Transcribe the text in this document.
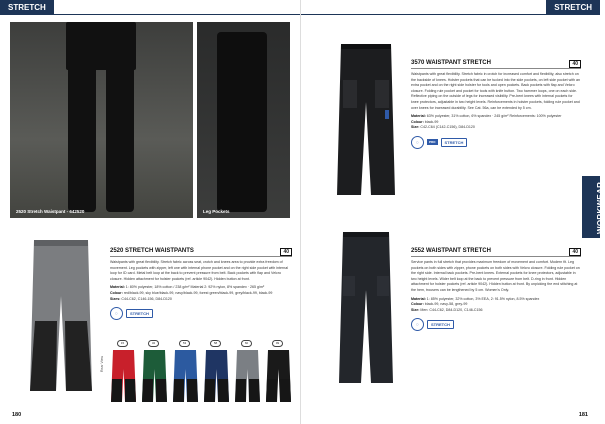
STRETCH
2520 Stretch Waistpant - 642520	Leg Pockets
2520 STRETCH WAISTPANTS	40
Waistpants with great flexibility. Stretch fabric across seat, crotch and knees area to provide extra freedom of movement. Leg pockets with zipper, left one with internal phone pocket and on the right side pocket with internal loop for ID card. Metal belt loop at the back to prevent pressure from belt. Back pockets with flap and Velcro closure. Hidden attachment for holster pockets (ref. article 9042). Hidden button at front.
Material: 1: 80% polyester, 18% cotton / 238 g/m² Material 2: 92% nylon, 8% spandex · 265 g/m²
Colour: red/black-99, sky blue/black-99, navy/black-99, forest green/black-99, grey/black-99, black-99
Sizes: C44-C62, C146-156, D84-D120
◯	STRETCH
15	32	53	58	60	99
Rear View
180
STRETCH
3570 WAISTPANT STRETCH	40
Waistpants with great flexibility. Stretch fabric in crotch for increased comfort and flexibility, also stretch on the backside of knees. Holster pockets that can be tucked into the side pockets, on left side pocket with an extra pocket and on the right side holster for tools and open pockets. Back pockets with flap and Velcro closure. Folding rule pocket and pocket for tools with knife button. Two hammer loops, one on each side. Reflective piping on the outside of legs for increased visibility. Pre-bent knees with internal pockets for knee protectors, adjustable in two height levels. Reinforcements in holster pockets, folding rule pocket and over knees for increased durability. See Cat. 56a, can be extended by 5 cm.
Material: 63% polyester, 31% cotton, 6% spandex · 245 g/m² Reinforcements: 100% polyester
Colour: black-99
Size: C42-C64 (C142-C156), D84-D120
◯	PRO	STRETCH
2552 WAISTPANT STRETCH	40
Service pants in full stretch that provides maximum freedom of movement and comfort. Modern fit. Leg pockets on both sides with zipper, phone pockets on both sides with Velcro closure. Folding rule pocket on the right side. Internal back pockets. Pre-bent knees. External pockets for knee protectors, adjustable in two height levels. Wider belt loop at the back to prevent pressure from belt. D-ring in front. Hidden attachment for holster pockets (ref. article 9042). Hidden button at front. By unpicking the end stitching at the hem, trousers can be lengthened by 5 cm. Women's Only.
Material: 1: 85% polyester, 32% cotton, 3% EEA, 2: 91.5% nylon, 8.5% spandex
Colour: black-99, navy-58, grey-99
Size: Men: C44-C62, D84-D120, C146-C156
◯	STRETCH
WORKWEAR
181
